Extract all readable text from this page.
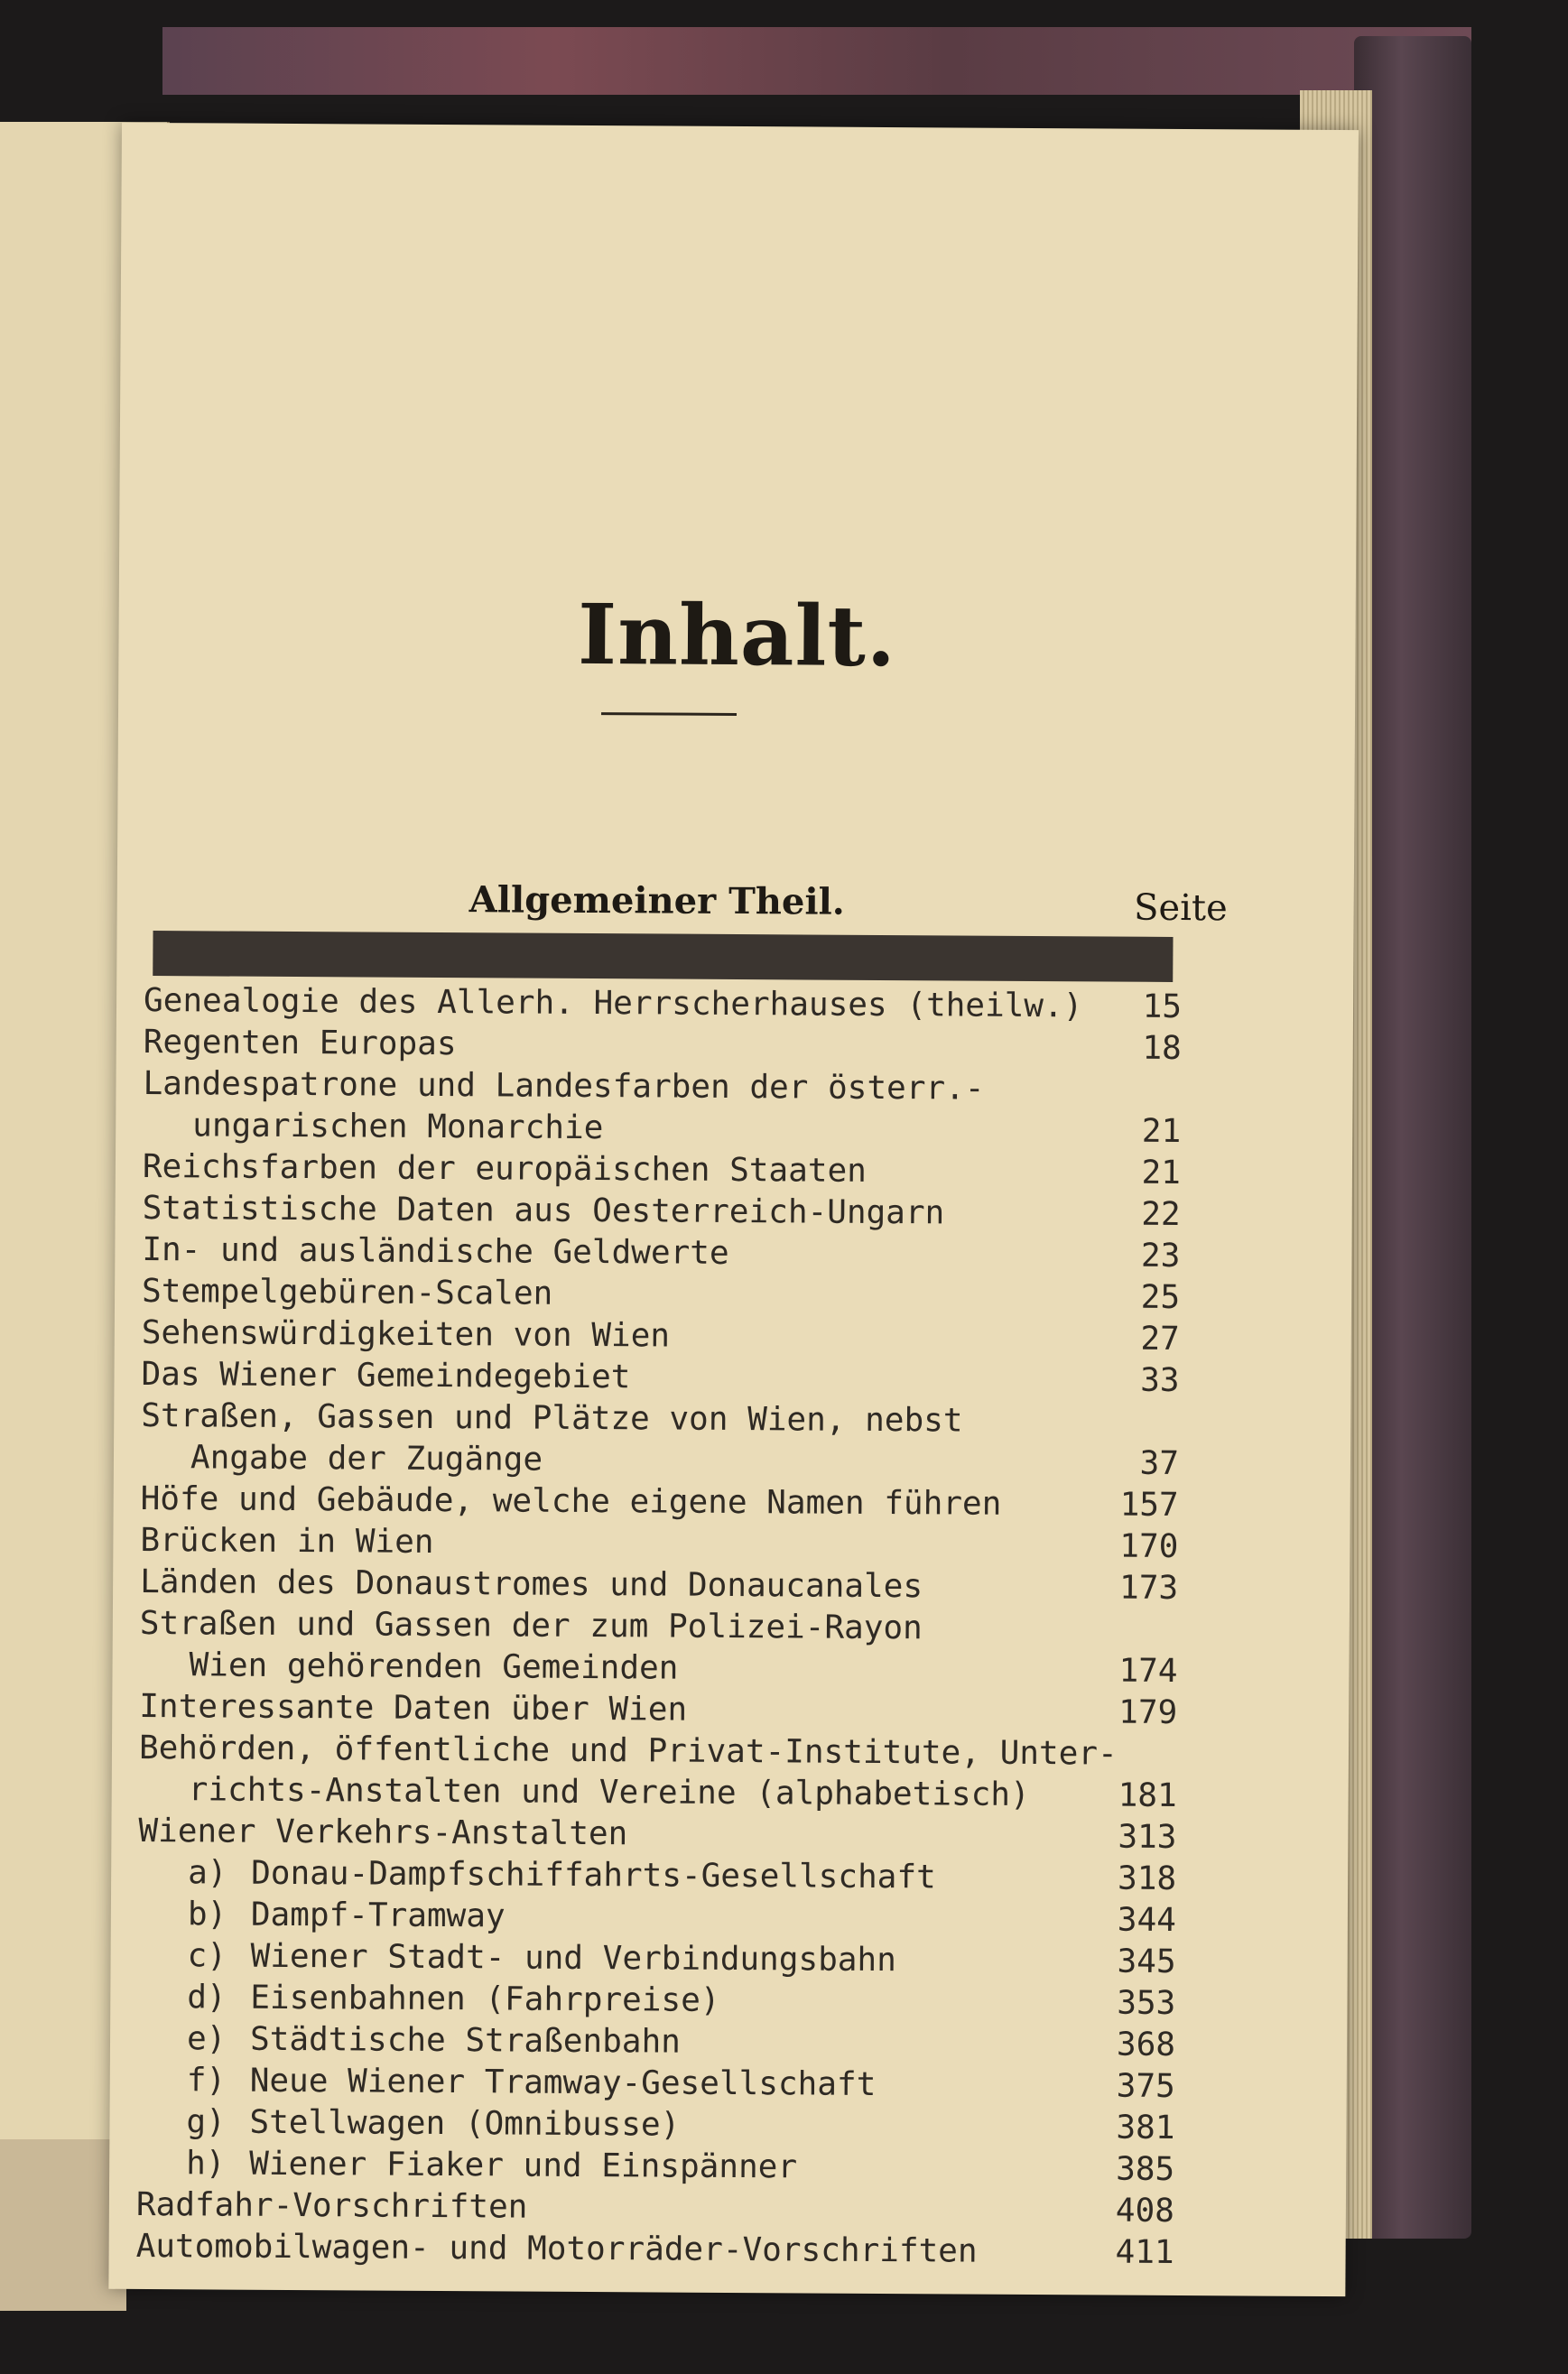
Inhalt.
Allgemeiner Theil.	Seite
Genealogie des Allerh. Herrscherhauses (theilw.)	15
Regenten Europas	18
Landespatrone und Landesfarben der österr.-
ungarischen Monarchie	21
Reichsfarben der europäischen Staaten	21
Statistische Daten aus Oesterreich-Ungarn	22
In- und ausländische Geldwerte	23
Stempelgebüren-Scalen	25
Sehenswürdigkeiten von Wien	27
Das Wiener Gemeindegebiet	33
Straßen, Gassen und Plätze von Wien, nebst
Angabe der Zugänge	37
Höfe und Gebäude, welche eigene Namen führen	157
Brücken in Wien	170
Länden des Donaustromes und Donaucanales	173
Straßen und Gassen der zum Polizei-Rayon
Wien gehörenden Gemeinden	174
Interessante Daten über Wien	179
Behörden, öffentliche und Privat-Institute, Unter-
richts-Anstalten und Vereine (alphabetisch)	181
Wiener Verkehrs-Anstalten	313
a) Donau-Dampfschiffahrts-Gesellschaft	318
b) Dampf-Tramway	344
c) Wiener Stadt- und Verbindungsbahn	345
d) Eisenbahnen (Fahrpreise)	353
e) Städtische Straßenbahn	368
f) Neue Wiener Tramway-Gesellschaft	375
g) Stellwagen (Omnibusse)	381
h) Wiener Fiaker und Einspänner	385
Radfahr-Vorschriften	408
Automobilwagen- und Motorräder-Vorschriften	411
